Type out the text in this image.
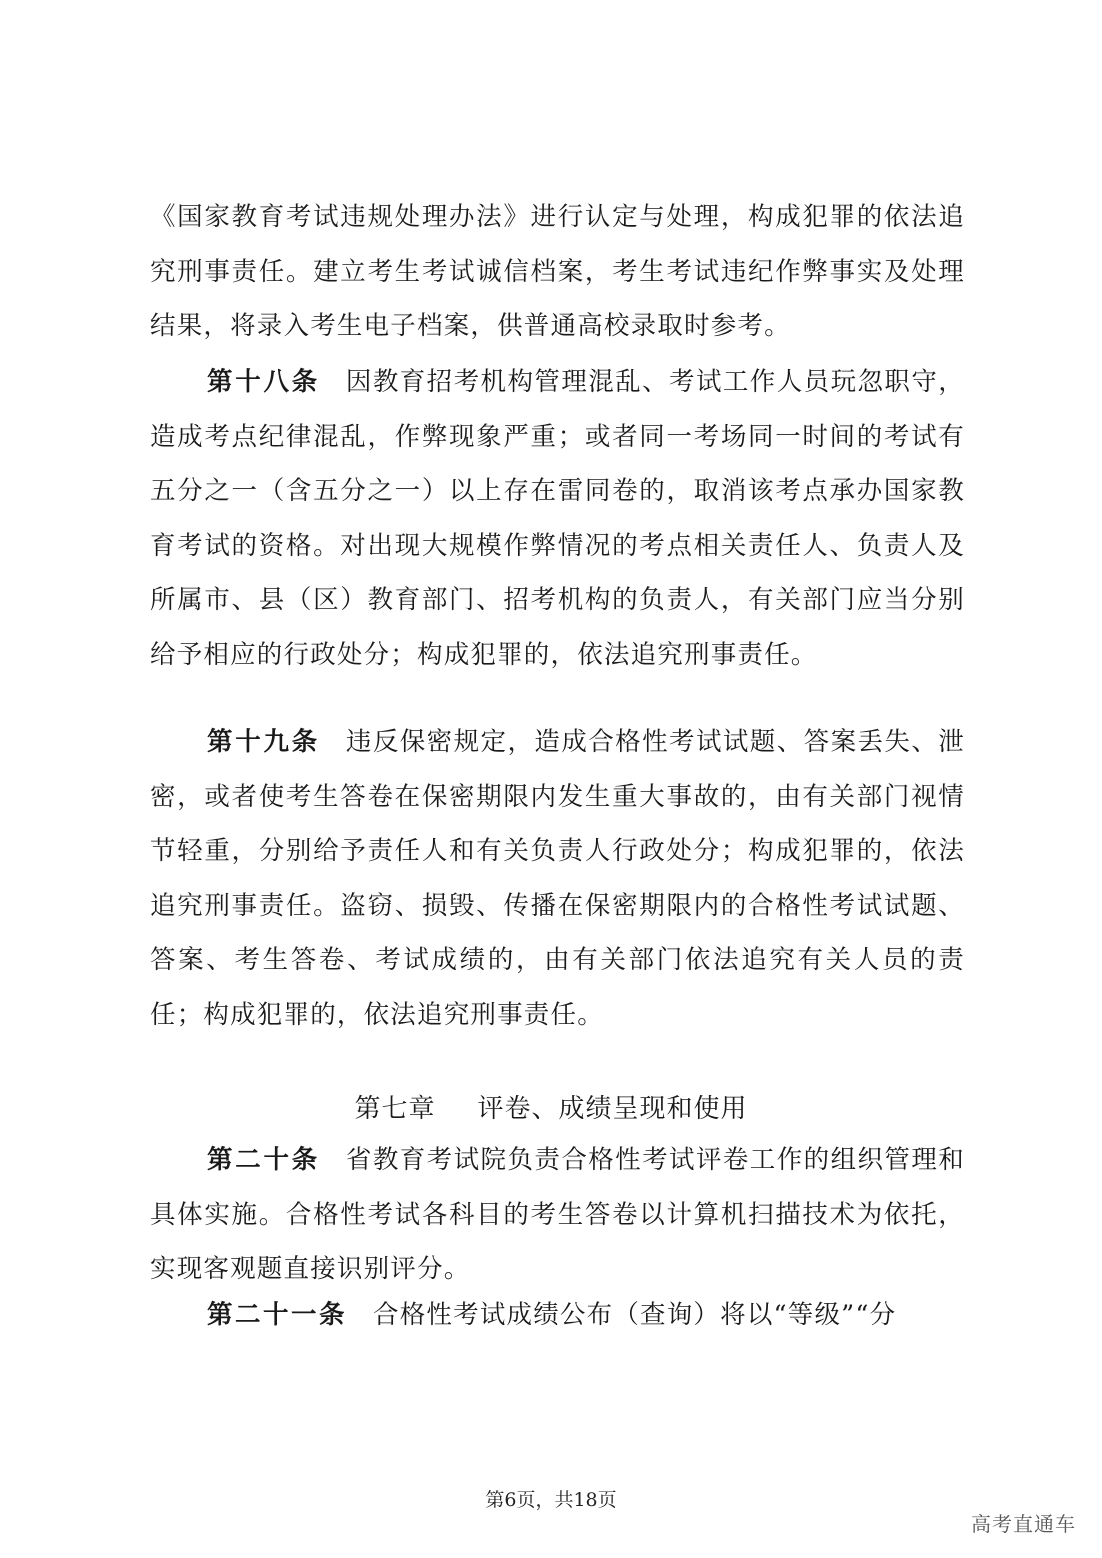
《国家教育考试违规处理办法》进行认定与处理，构成犯罪的依法追究刑事责任。建立考生考试诚信档案，考生考试违纪作弊事实及处理结果，将录入考生电子档案，供普通高校录取时参考。

第十八条 因教育招考机构管理混乱、考试工作人员玩忽职守，造成考点纪律混乱，作弊现象严重；或者同一考场同一时间的考试有五分之一（含五分之一）以上存在雷同卷的，取消该考点承办国家教育考试的资格。对出现大规模作弊情况的考点相关责任人、负责人及所属市、县（区）教育部门、招考机构的负责人，有关部门应当分别给予相应的行政处分；构成犯罪的，依法追究刑事责任。

第十九条 违反保密规定，造成合格性考试试题、答案丢失、泄密，或者使考生答卷在保密期限内发生重大事故的，由有关部门视情节轻重，分别给予责任人和有关负责人行政处分；构成犯罪的，依法追究刑事责任。盗窃、损毁、传播在保密期限内的合格性考试试题、答案、考生答卷、考试成绩的，由有关部门依法追究有关人员的责任；构成犯罪的，依法追究刑事责任。

第七章 评卷、成绩呈现和使用

第二十条 省教育考试院负责合格性考试评卷工作的组织管理和具体实施。合格性考试各科目的考生答卷以计算机扫描技术为依托，实现客观题直接识别评分。

第二十一条 合格性考试成绩公布（查询）将以“等级”“分

第6页，共18页
高考直通车
